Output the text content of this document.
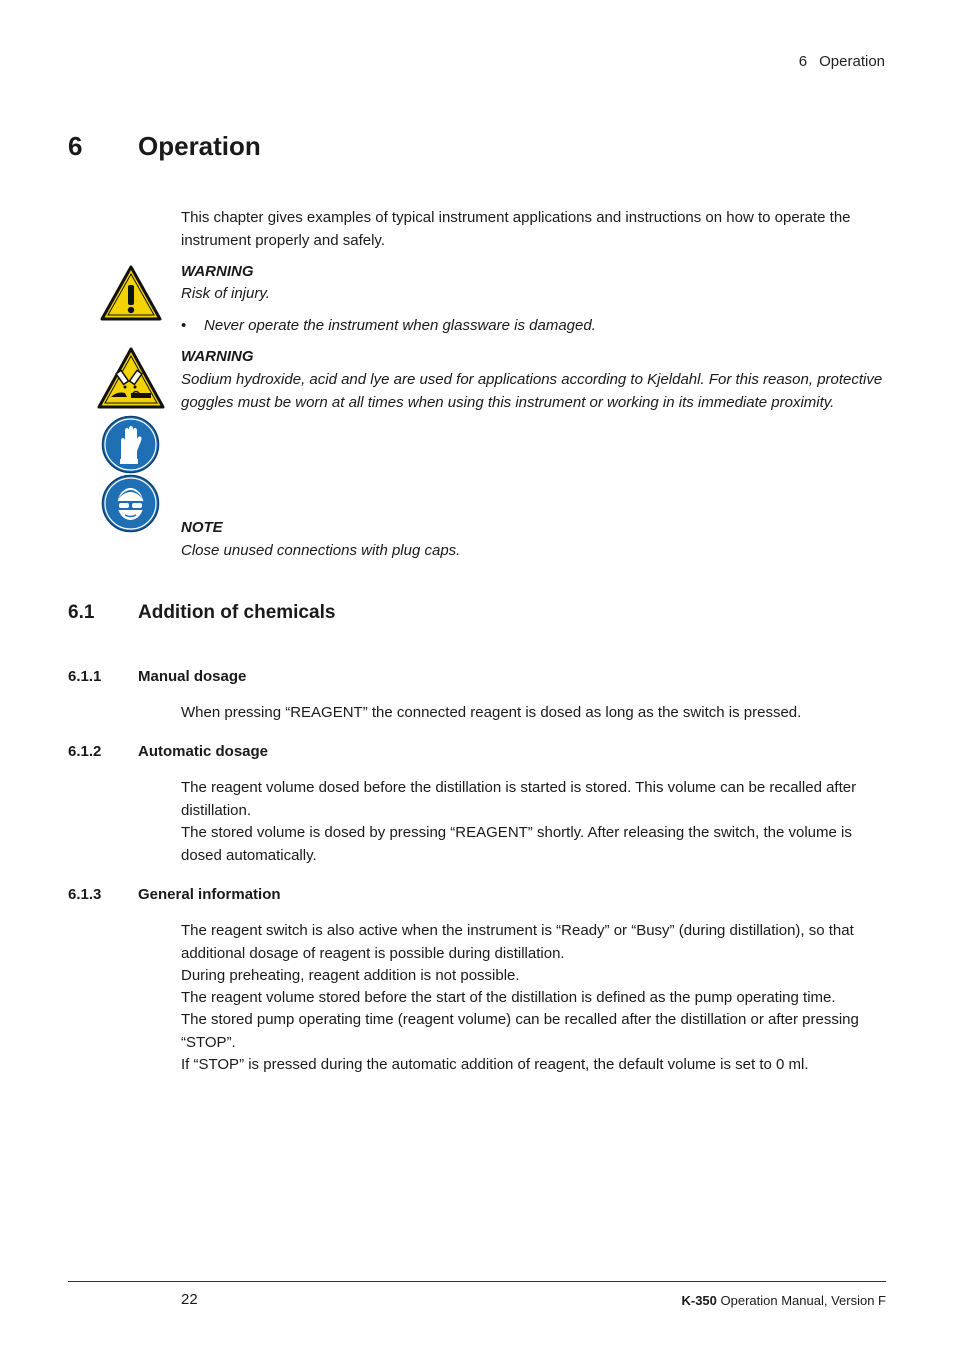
6 Operation
6 Operation
This chapter gives examples of typical instrument applications and instructions on how to operate the instrument properly and safely.
WARNING
Risk of injury.
•	Never operate the instrument when glassware is damaged.
WARNING
Sodium hydroxide, acid and lye are used for applications according to Kjeldahl. For this reason, protective goggles must be worn at all times when using this instrument or working in its immediate proximity.
NOTE
Close unused connections with plug caps.
6.1 Addition of chemicals
6.1.1 Manual dosage
When pressing “REAGENT” the connected reagent is dosed as long as the switch is pressed.
6.1.2 Automatic dosage
The reagent volume dosed before the distillation is started is stored. This volume can be recalled after distillation.
The stored volume is dosed by pressing “REAGENT” shortly. After releasing the switch, the volume is dosed automatically.
6.1.3 General information
The reagent switch is also active when the instrument is “Ready” or “Busy” (during distillation), so that additional dosage of reagent is possible during distillation.
During preheating, reagent addition is not possible.
The reagent volume stored before the start of the distillation is defined as the pump operating time.
The stored pump operating time (reagent volume) can be recalled after the distillation or after pressing “STOP”.
If “STOP” is pressed during the automatic addition of reagent, the default volume is set to 0 ml.
22	K-350 Operation Manual, Version F
